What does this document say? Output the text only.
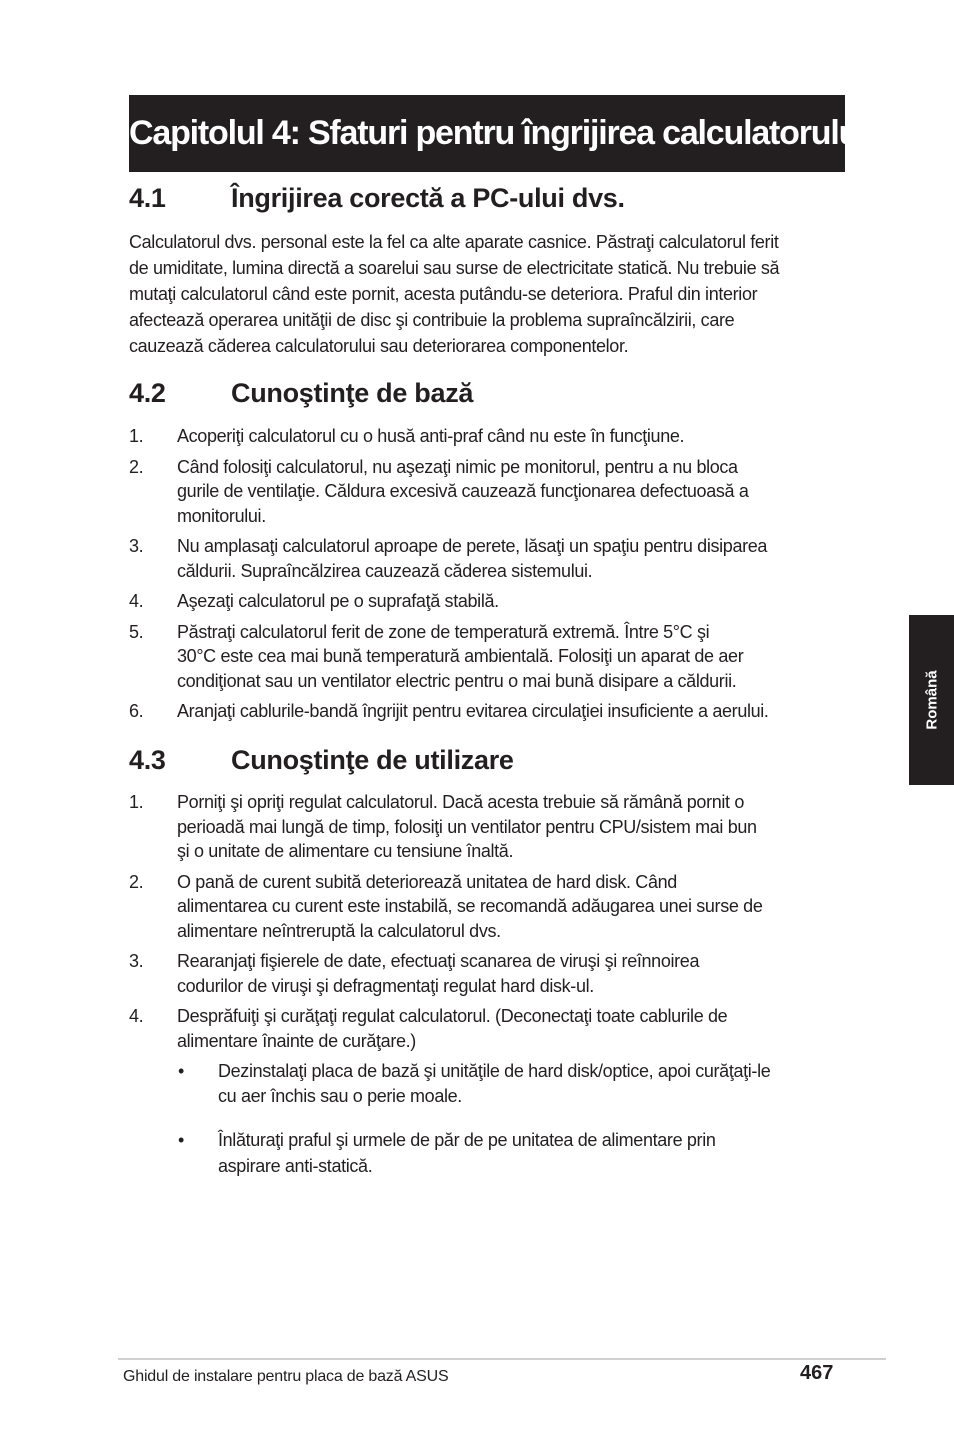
Capitolul 4: Sfaturi pentru îngrijirea calculatorului
4.1 Îngrijirea corectă a PC-ului dvs.
Calculatorul dvs. personal este la fel ca alte aparate casnice. Păstraţi calculatorul ferit
de umiditate, lumina directă a soarelui sau surse de electricitate statică. Nu trebuie să
mutaţi calculatorul când este pornit, acesta putându-se deteriora. Praful din interior
afectează operarea unităţii de disc şi contribuie la problema supraîncălzirii, care
cauzează căderea calculatorului sau deteriorarea componentelor.
4.2 Cunoştinţe de bază
1. Acoperiţi calculatorul cu o husă anti-praf când nu este în funcţiune.
2. Când folosiţi calculatorul, nu aşezaţi nimic pe monitorul, pentru a nu bloca
gurile de ventilaţie. Căldura excesivă cauzează funcţionarea defectuoasă a
monitorului.
3. Nu amplasaţi calculatorul aproape de perete, lăsaţi un spaţiu pentru disiparea
căldurii. Supraîncălzirea cauzează căderea sistemului.
4. Aşezaţi calculatorul pe o suprafaţă stabilă.
5. Păstraţi calculatorul ferit de zone de temperatură extremă. Între 5°C şi
30°C este cea mai bună temperatură ambientală. Folosiţi un aparat de aer
condiţionat sau un ventilator electric pentru o mai bună disipare a căldurii.
6. Aranjaţi cablurile-bandă îngrijit pentru evitarea circulaţiei insuficiente a aerului.
4.3 Cunoştinţe de utilizare
1. Porniţi şi opriţi regulat calculatorul. Dacă acesta trebuie să rămână pornit o
perioadă mai lungă de timp, folosiţi un ventilator pentru CPU/sistem mai bun
şi o unitate de alimentare cu tensiune înaltă.
2. O pană de curent subită deteriorează unitatea de hard disk. Când
alimentarea cu curent este instabilă, se recomandă adăugarea unei surse de
alimentare neîntreruptă la calculatorul dvs.
3. Rearanjaţi fişierele de date, efectuaţi scanarea de viruşi şi reînnoirea
codurilor de viruşi şi defragmentaţi regulat hard disk-ul.
4. Desprăfuiţi şi curăţaţi regulat calculatorul. (Deconectaţi toate cablurile de
alimentare înainte de curăţare.)
• Dezinstalaţi placa de bază şi unităţile de hard disk/optice, apoi curăţaţi-le
cu aer închis sau o perie moale.
• Înlăturaţi praful şi urmele de păr de pe unitatea de alimentare prin
aspirare anti-statică.
Română
Ghidul de instalare pentru placa de bază ASUS	467
